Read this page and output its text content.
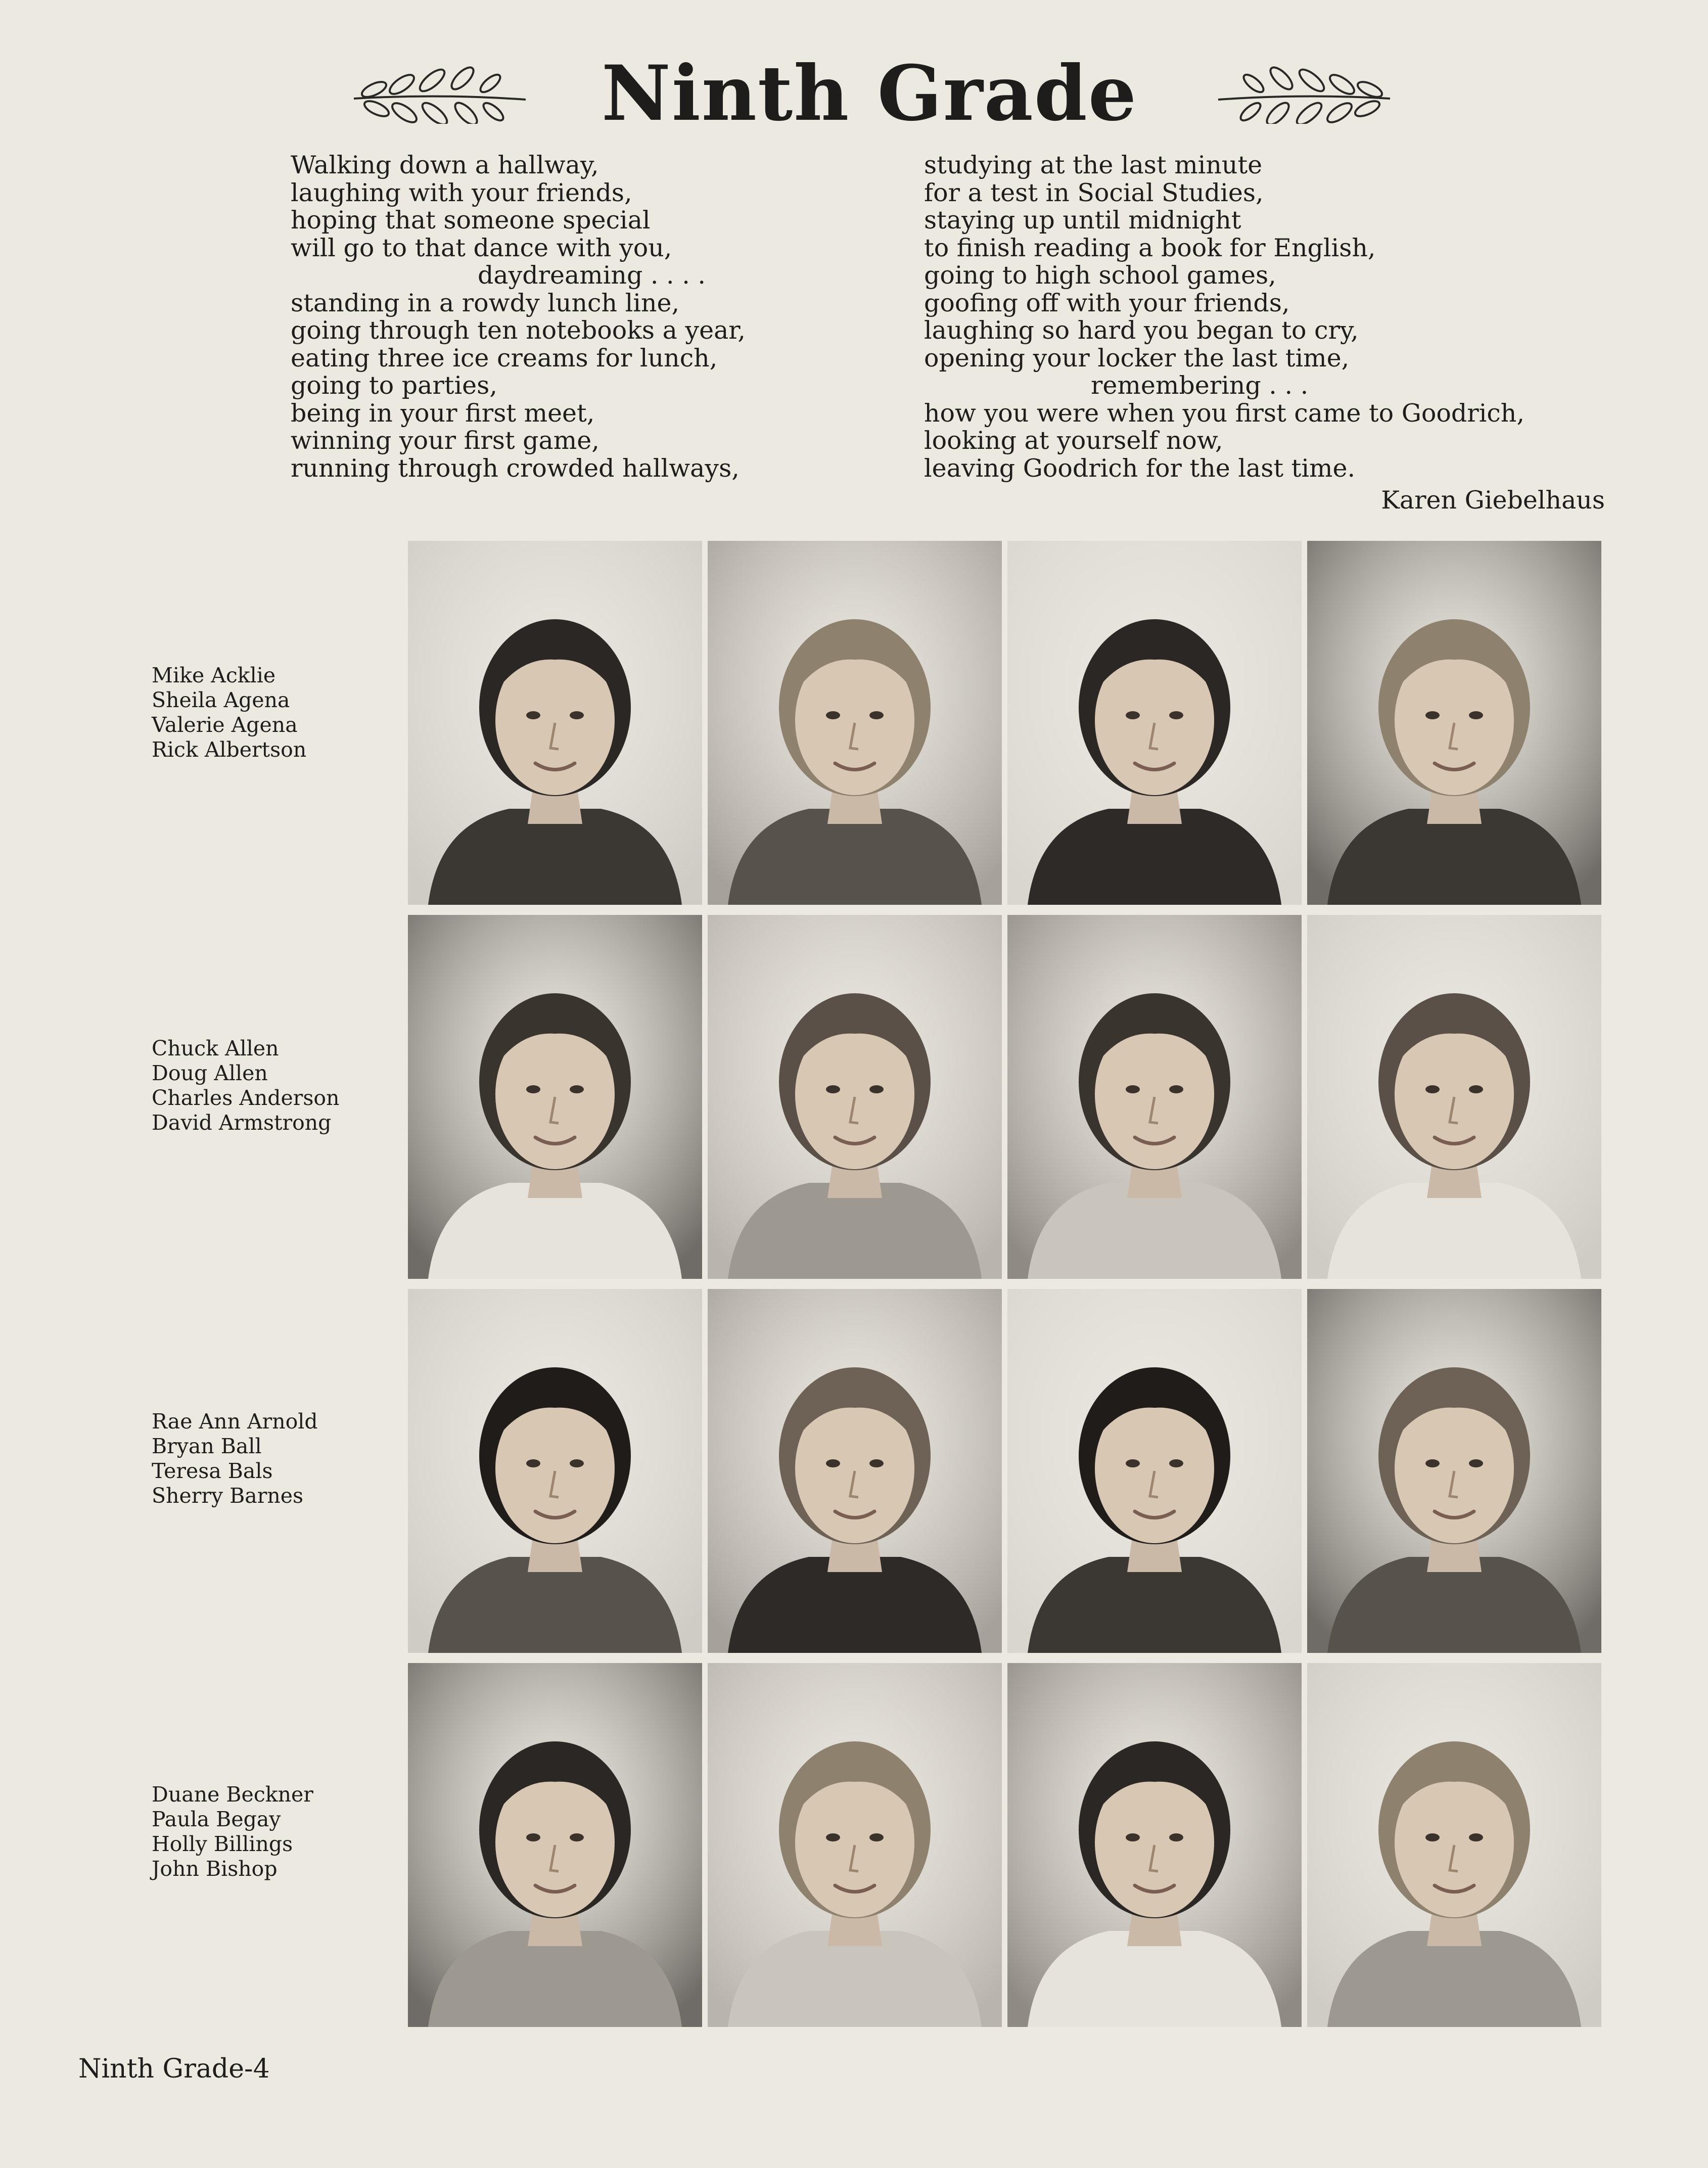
Ninth Grade
Walking down a hallway,
laughing with your friends,
hoping that someone special
will go to that dance with you,
daydreaming . . . .
standing in a rowdy lunch line,
going through ten notebooks a year,
eating three ice creams for lunch,
going to parties,
being in your first meet,
winning your first game,
running through crowded hallways,
studying at the last minute
for a test in Social Studies,
staying up until midnight
to finish reading a book for English,
going to high school games,
goofing off with your friends,
laughing so hard you began to cry,
opening your locker the last time,
remembering . . .
how you were when you first came to Goodrich,
looking at yourself now,
leaving Goodrich for the last time.
Karen Giebelhaus
Mike Acklie
Sheila Agena
Valerie Agena
Rick Albertson
Chuck Allen
Doug Allen
Charles Anderson
David Armstrong
Rae Ann Arnold
Bryan Ball
Teresa Bals
Sherry Barnes
Duane Beckner
Paula Begay
Holly Billings
John Bishop
Ninth Grade-4
